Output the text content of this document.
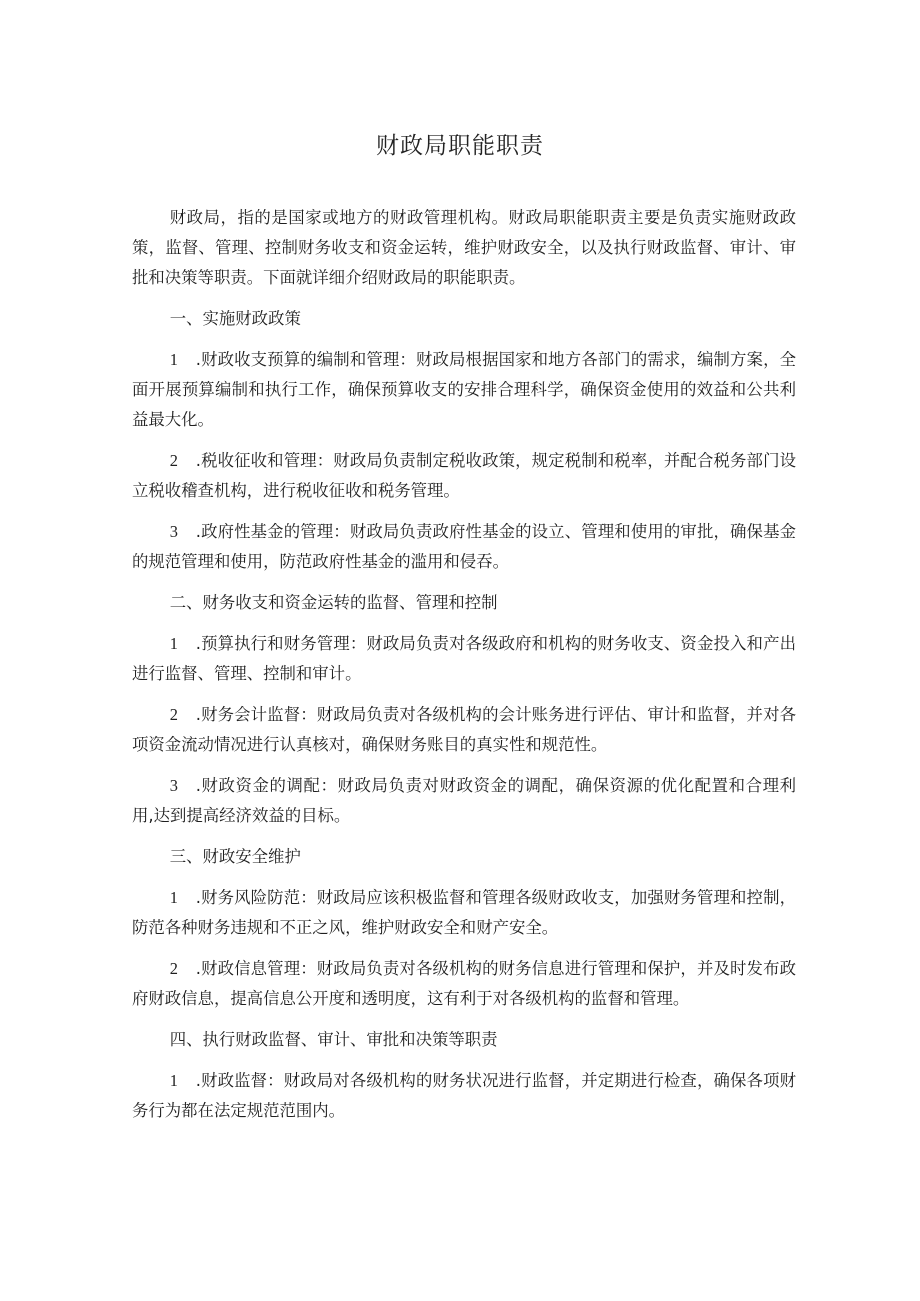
财政局职能职责

财政局，指的是国家或地方的财政管理机构。财政局职能职责主要是负责实施财政政策，监督、管理、控制财务收支和资金运转，维护财政安全，以及执行财政监督、审计、审批和决策等职责。下面就详细介绍财政局的职能职责。

一、实施财政政策

1 .财政收支预算的编制和管理：财政局根据国家和地方各部门的需求，编制方案，全面开展预算编制和执行工作，确保预算收支的安排合理科学，确保资金使用的效益和公共利益最大化。

2 .税收征收和管理：财政局负责制定税收政策，规定税制和税率，并配合税务部门设立税收稽查机构，进行税收征收和税务管理。

3 .政府性基金的管理：财政局负责政府性基金的设立、管理和使用的审批，确保基金的规范管理和使用，防范政府性基金的滥用和侵吞。

二、财务收支和资金运转的监督、管理和控制

1 .预算执行和财务管理：财政局负责对各级政府和机构的财务收支、资金投入和产出进行监督、管理、控制和审计。

2 .财务会计监督：财政局负责对各级机构的会计账务进行评估、审计和监督，并对各项资金流动情况进行认真核对，确保财务账目的真实性和规范性。

3 .财政资金的调配：财政局负责对财政资金的调配，确保资源的优化配置和合理利用,达到提高经济效益的目标。

三、财政安全维护

1 .财务风险防范：财政局应该积极监督和管理各级财政收支，加强财务管理和控制，防范各种财务违规和不正之风，维护财政安全和财产安全。

2 .财政信息管理：财政局负责对各级机构的财务信息进行管理和保护，并及时发布政府财政信息，提高信息公开度和透明度，这有利于对各级机构的监督和管理。

四、执行财政监督、审计、审批和决策等职责

1 .财政监督：财政局对各级机构的财务状况进行监督，并定期进行检查，确保各项财务行为都在法定规范范围内。
